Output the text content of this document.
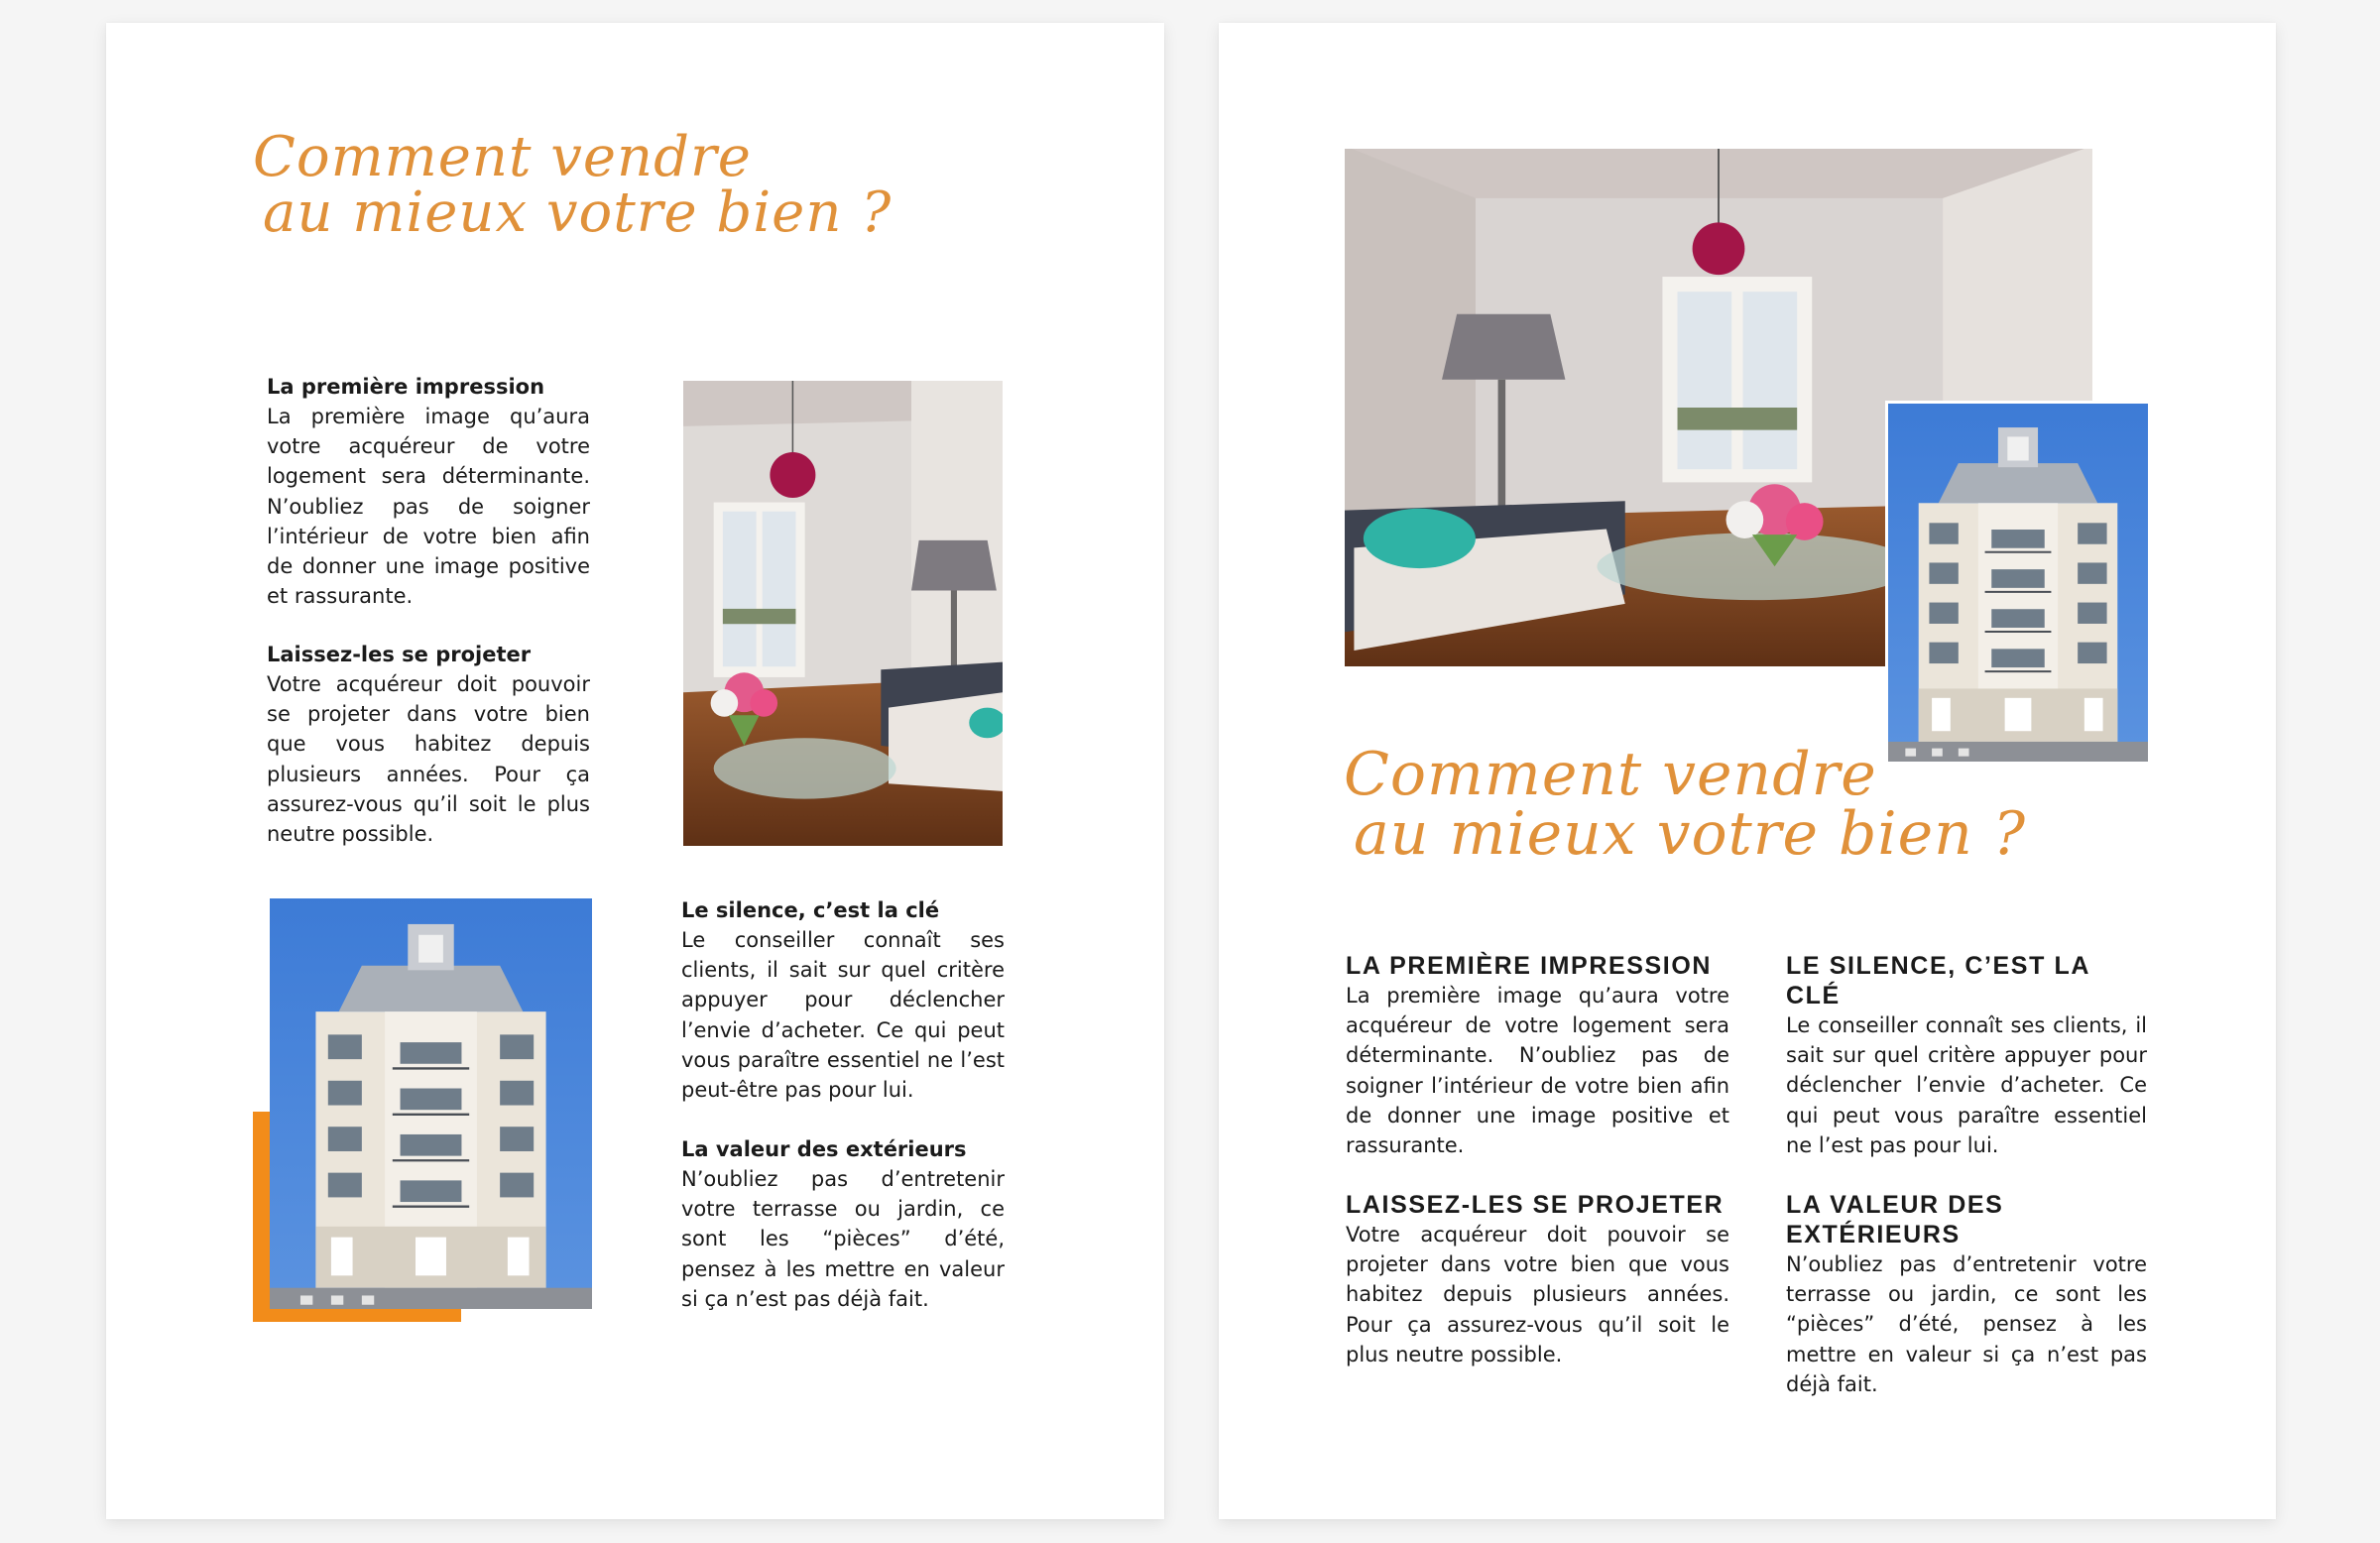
Comment vendre
au mieux votre bien ?
La première impression

La première image qu’aura votre acquéreur de votre logement sera déterminante. N’oubliez pas de soigner l’intérieur de votre bien afin de donner une image positive et rassurante.

Laissez-les se projeter

Votre acquéreur doit pouvoir se projeter dans votre bien que vous habitez depuis plusieurs années. Pour ça assurez-vous qu’il soit le plus neutre possible.

Le silence, c’est la clé

Le conseiller connaît ses clients, il sait sur quel critère appuyer pour déclencher l’envie d’acheter. Ce qui peut vous paraître essentiel ne l’est peut-être pas pour lui.

La valeur des extérieurs

N’oubliez pas d’entretenir votre terrasse ou jardin, ce sont les “pièces” d’été, pensez à les mettre en valeur si ça n’est pas déjà fait.

Comment vendre
au mieux votre bien ?
LA PREMIÈRE IMPRESSION

La première image qu’aura votre acquéreur de votre logement sera déterminante. N’oubliez pas de soigner l’intérieur de votre bien afin de donner une image positive et rassurante.

LE SILENCE, C’EST LA CLÉ

Le conseiller connaît ses clients, il sait sur quel critère appuyer pour déclencher l’envie d’acheter. Ce qui peut vous paraître essentiel ne l’est pas pour lui.

LAISSEZ-LES SE PROJETER

Votre acquéreur doit pouvoir se projeter dans votre bien que vous habitez depuis plusieurs années. Pour ça assurez-vous qu’il soit le plus neutre possible.

LA VALEUR DES EXTÉRIEURS

N’oubliez pas d’entretenir votre terrasse ou jardin, ce sont les “pièces” d’été, pensez à les mettre en valeur si ça n’est pas déjà fait.
